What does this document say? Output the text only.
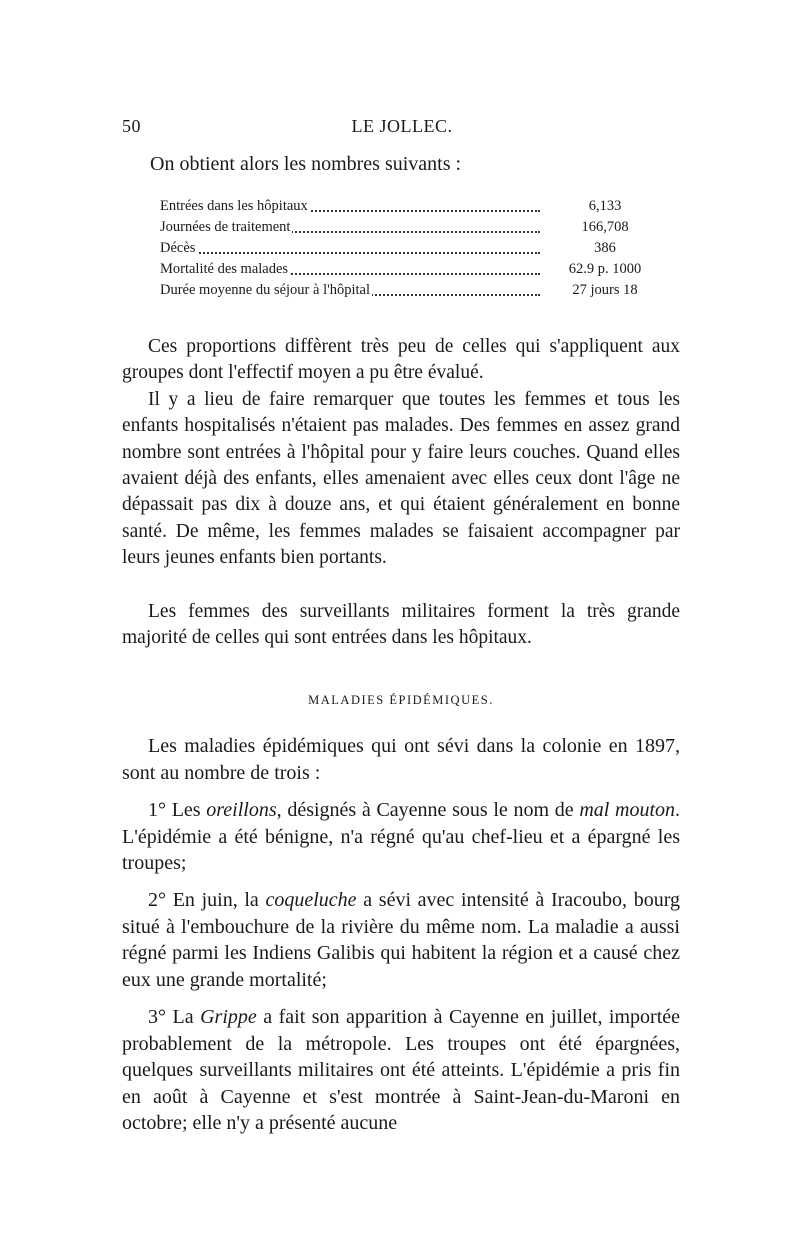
50	LE JOLLEC.
On obtient alors les nombres suivants :
Entrées dans les hôpitaux	6,133
Journées de traitement	166,708
Décès	386
Mortalité des malades	62.9 p. 1000
Durée moyenne du séjour à l'hôpital	27 jours 18

Ces proportions diffèrent très peu de celles qui s'appliquent aux groupes dont l'effectif moyen a pu être évalué.

Il y a lieu de faire remarquer que toutes les femmes et tous les enfants hospitalisés n'étaient pas malades. Des femmes en assez grand nombre sont entrées à l'hôpital pour y faire leurs couches. Quand elles avaient déjà des enfants, elles amenaient avec elles ceux dont l'âge ne dépassait pas dix à douze ans, et qui étaient généralement en bonne santé. De même, les femmes malades se faisaient accompagner par leurs jeunes enfants bien portants.

Les femmes des surveillants militaires forment la très grande majorité de celles qui sont entrées dans les hôpitaux.

MALADIES ÉPIDÉMIQUES.

Les maladies épidémiques qui ont sévi dans la colonie en 1897, sont au nombre de trois :

1° Les oreillons, désignés à Cayenne sous le nom de mal mouton. L'épidémie a été bénigne, n'a régné qu'au chef-lieu et a épargné les troupes;

2° En juin, la coqueluche a sévi avec intensité à Iracoubo, bourg situé à l'embouchure de la rivière du même nom. La maladie a aussi régné parmi les Indiens Galibis qui habitent la région et a causé chez eux une grande mortalité;

3° La Grippe a fait son apparition à Cayenne en juillet, importée probablement de la métropole. Les troupes ont été épargnées, quelques surveillants militaires ont été atteints. L'épidémie a pris fin en août à Cayenne et s'est montrée à Saint-Jean-du-Maroni en octobre; elle n'y a présenté aucune
